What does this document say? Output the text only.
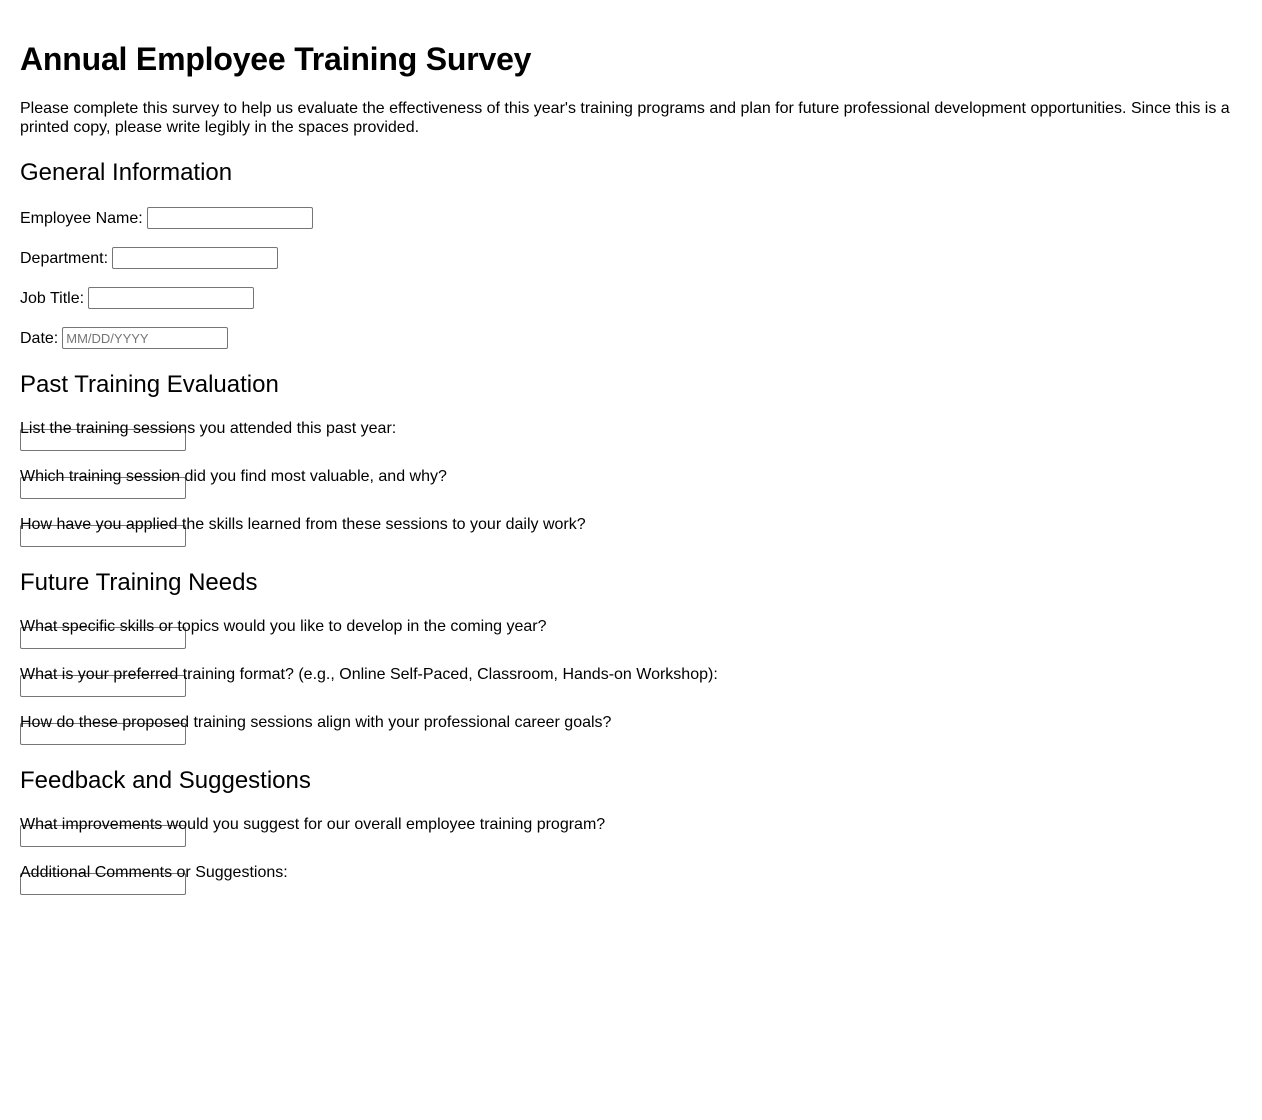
Annual Employee Training Survey

Please complete this survey to help us evaluate the effectiveness of this year's training programs and plan for future professional development opportunities. Since this is a printed copy, please write legibly in the spaces provided.

General Information
Employee Name:
Department:
Job Title:
Date:
MM/DD/YYYY
Past Training Evaluation
List the training sessions you attended this past year:
Which training session did you find most valuable, and why?
How have you applied the skills learned from these sessions to your daily work?
Future Training Needs
What specific skills or topics would you like to develop in the coming year?
What is your preferred training format? (e.g., Online Self-Paced, Classroom, Hands-on Workshop):
How do these proposed training sessions align with your professional career goals?
Feedback and Suggestions
What improvements would you suggest for our overall employee training program?
Additional Comments or Suggestions:
